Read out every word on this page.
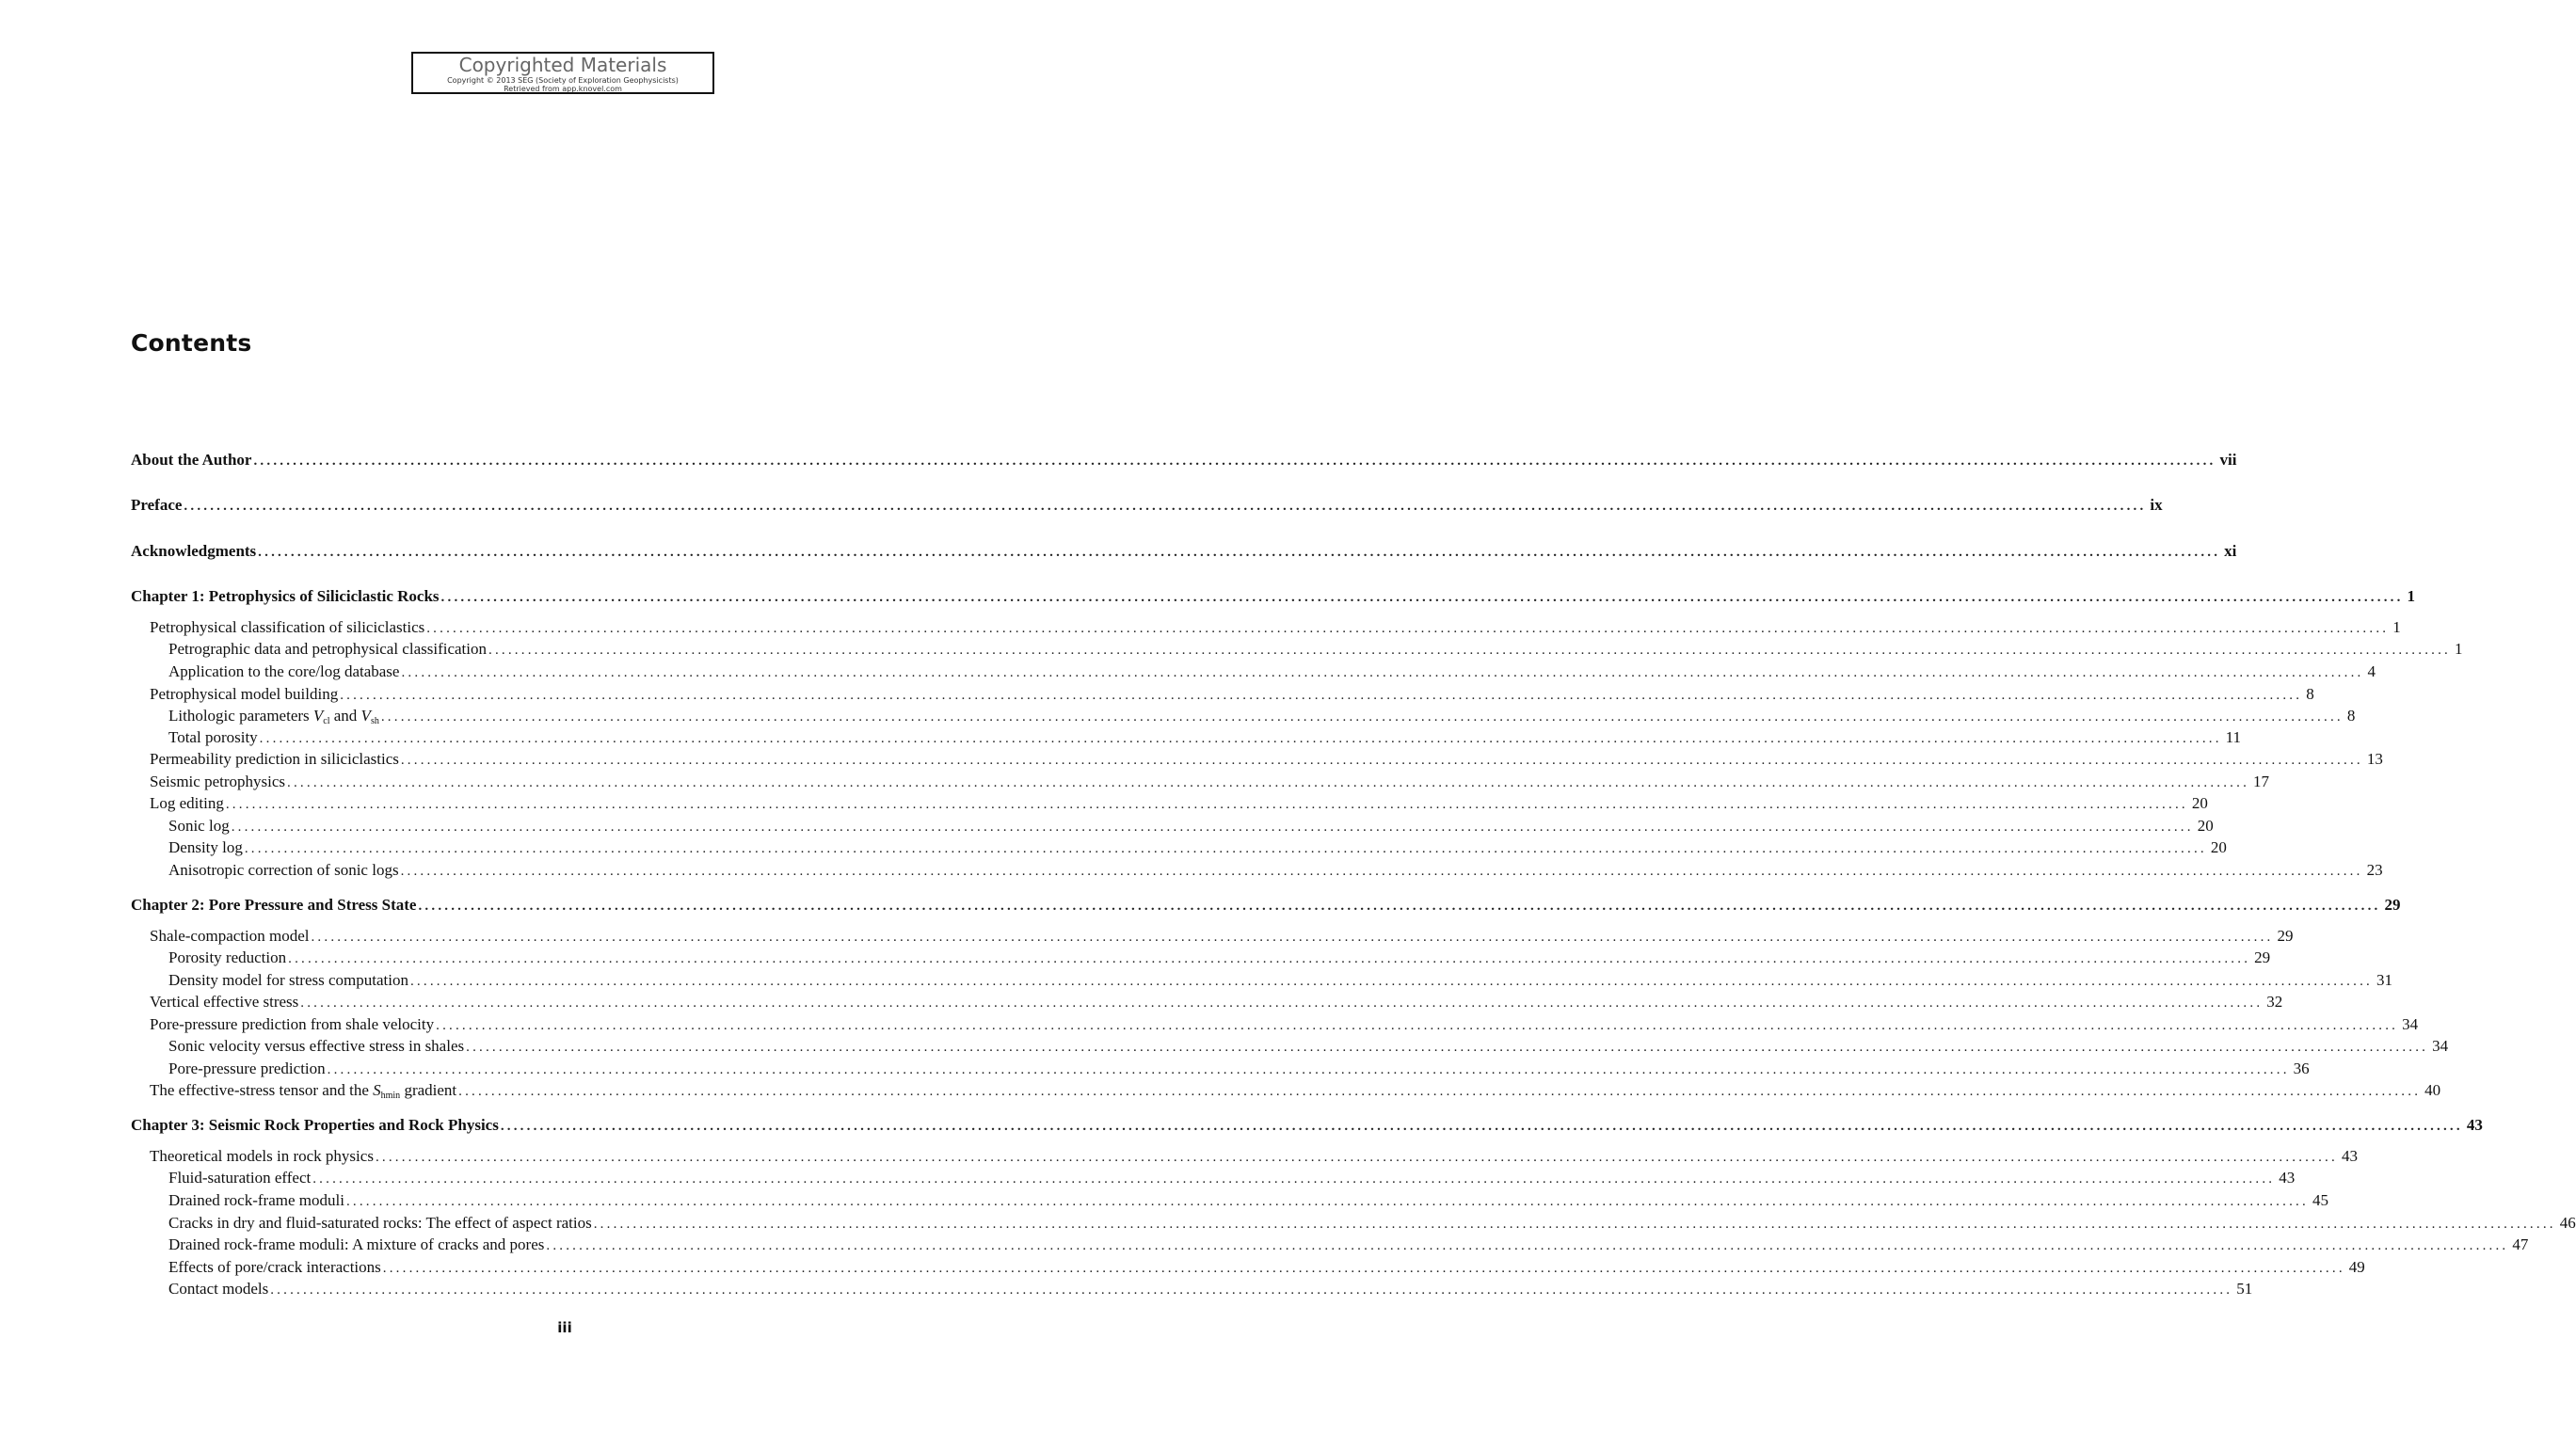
Copyrighted Materials
Copyright © 2013 SEG (Society of Exploration Geophysicists)
Retrieved from app.knovel.com
Contents
About the Author ............................................................................................................................................................................................................................................................................................................ vii
Preface ............................................................................................................................................................................................................................................................................................................ ix
Acknowledgments ............................................................................................................................................................................................................................................................................................................ xi
Chapter 1: Petrophysics of Siliciclastic Rocks ............................................................................................................................................................................................................................................................................................................ 1
Petrophysical classification of siliciclastics ............................................................................................................................................................................................................................................................................................................ 1
Petrographic data and petrophysical classification ............................................................................................................................................................................................................................................................................................................ 1
Application to the core/log database ............................................................................................................................................................................................................................................................................................................ 4
Petrophysical model building ............................................................................................................................................................................................................................................................................................................ 8
Lithologic parameters $V_{cl}$ and $V_{sh}$ ............................................................................................................................................................................................................................................................................................................ 8
Total porosity ............................................................................................................................................................................................................................................................................................................ 11
Permeability prediction in siliciclastics ............................................................................................................................................................................................................................................................................................................ 13
Seismic petrophysics ............................................................................................................................................................................................................................................................................................................ 17
Log editing ............................................................................................................................................................................................................................................................................................................ 20
Sonic log ............................................................................................................................................................................................................................................................................................................ 20
Density log ............................................................................................................................................................................................................................................................................................................ 20
Anisotropic correction of sonic logs ............................................................................................................................................................................................................................................................................................................ 23
Chapter 2: Pore Pressure and Stress State ............................................................................................................................................................................................................................................................................................................ 29
Shale-compaction model ............................................................................................................................................................................................................................................................................................................ 29
Porosity reduction ............................................................................................................................................................................................................................................................................................................ 29
Density model for stress computation ............................................................................................................................................................................................................................................................................................................ 31
Vertical effective stress ............................................................................................................................................................................................................................................................................................................ 32
Pore-pressure prediction from shale velocity ............................................................................................................................................................................................................................................................................................................ 34
Sonic velocity versus effective stress in shales ............................................................................................................................................................................................................................................................................................................ 34
Pore-pressure prediction ............................................................................................................................................................................................................................................................................................................ 36
The effective-stress tensor and the $S_{hmin}$ gradient ............................................................................................................................................................................................................................................................................................................ 40
Chapter 3: Seismic Rock Properties and Rock Physics ............................................................................................................................................................................................................................................................................................................ 43
Theoretical models in rock physics ............................................................................................................................................................................................................................................................................................................ 43
Fluid-saturation effect ............................................................................................................................................................................................................................................................................................................ 43
Drained rock-frame moduli ............................................................................................................................................................................................................................................................................................................ 45
Cracks in dry and fluid-saturated rocks: The effect of aspect ratios ............................................................................................................................................................................................................................................................................................................ 46
Drained rock-frame moduli: A mixture of cracks and pores ............................................................................................................................................................................................................................................................................................................ 47
Effects of pore/crack interactions ............................................................................................................................................................................................................................................................................................................ 49
Contact models ............................................................................................................................................................................................................................................................................................................ 51
iii
